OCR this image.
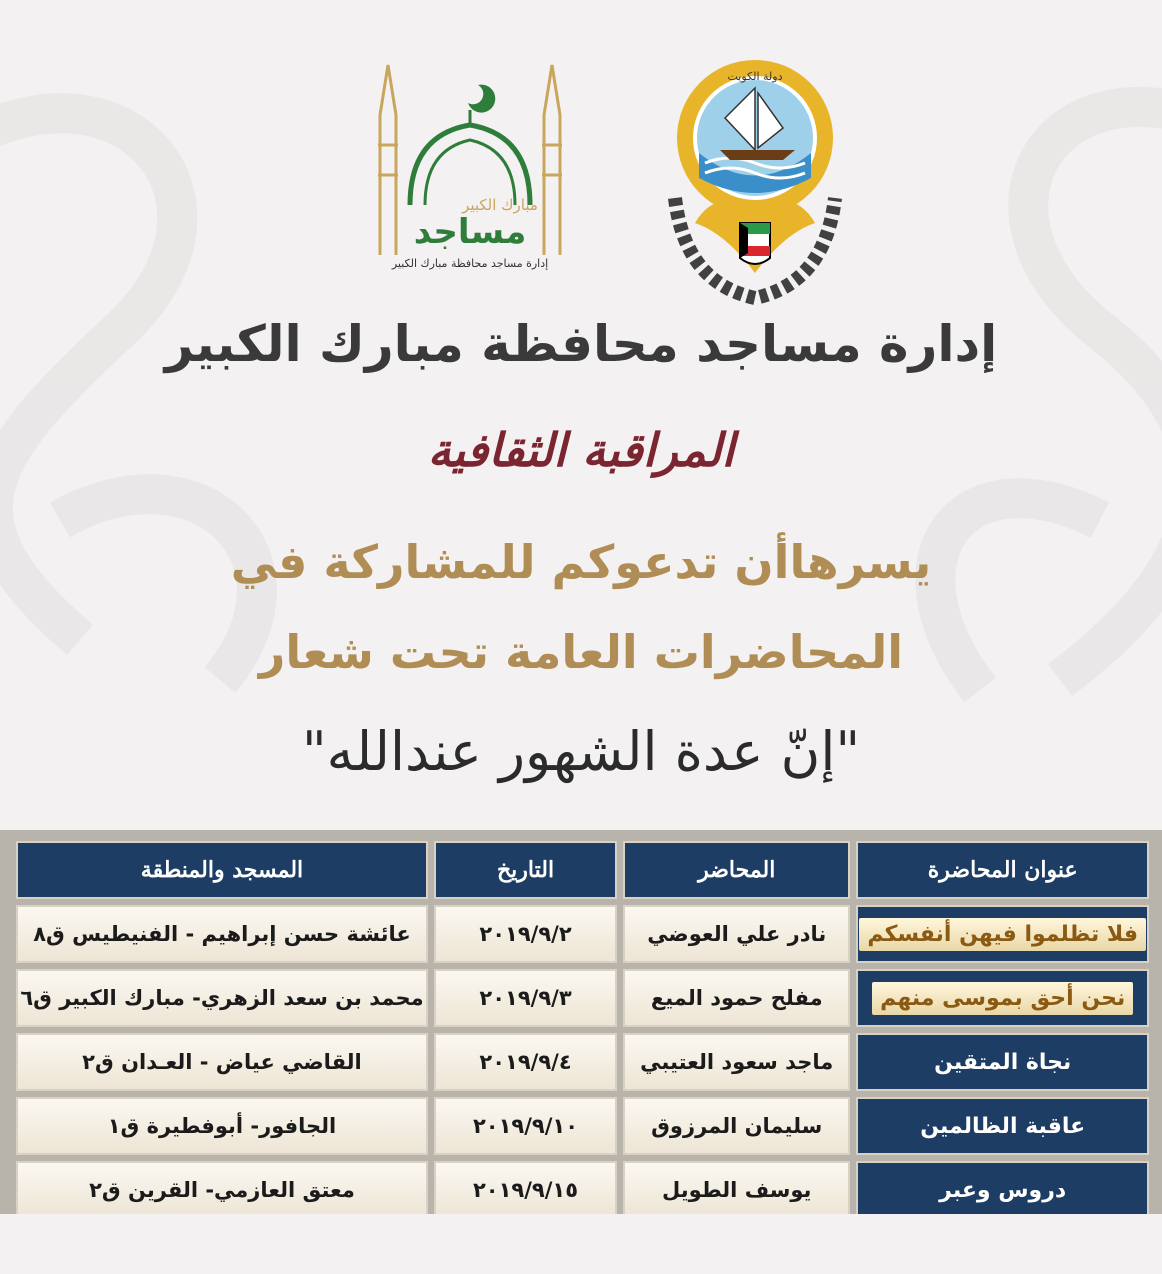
دولة الكويت
مبارك الكبير
مساجد
إدارة مساجد محافظة مبارك الكبير
إدارة مساجد محافظة مبارك الكبير
المراقبة الثقافية
يسرهاأن تدعوكم للمشاركة في
المحاضرات العامة تحت شعار
"إنّ عدة الشهور عندالله"
عنوان المحاضرة	المحاضر	التاريخ	المسجد والمنطقة
فلا تظلموا فيهن أنفسكم	نادر علي العوضي	٢٠١٩/٩/٢	عائشة حسن إبراهيم - الفنيطيس ق٨
نحن أحق بموسى منهم	مفلح حمود الميع	٢٠١٩/٩/٣	محمد بن سعد الزهري- مبارك الكبير ق٦
نجاة المتقين	ماجد سعود العتيبي	٢٠١٩/٩/٤	القاضي عياض - العـدان ق٢
عاقبة الظالمين	سليمان المرزوق	٢٠١٩/٩/١٠	الجافور- أبوفطيرة ق١
دروس وعبر	يوسف الطويل	٢٠١٩/٩/١٥	معتق العازمي- القرين ق٢
